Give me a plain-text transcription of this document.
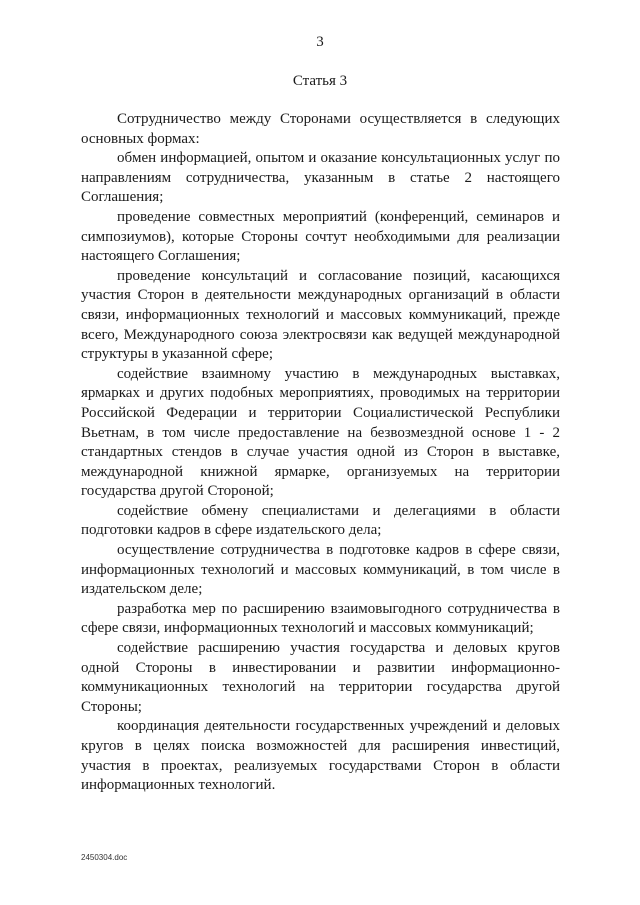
3
Статья 3

Сотрудничество между Сторонами осуществляется в следующих основных формах:

обмен информацией, опытом и оказание консультационных услуг по направлениям сотрудничества, указанным в статье 2 настоящего Соглашения;

проведение совместных мероприятий (конференций, семинаров и симпозиумов), которые Стороны сочтут необходимыми для реализации настоящего Соглашения;

проведение консультаций и согласование позиций, касающихся участия Сторон в деятельности международных организаций в области связи, информационных технологий и массовых коммуникаций, прежде всего, Международного союза электросвязи как ведущей международной структуры в указанной сфере;

содействие взаимному участию в международных выставках, ярмарках и других подобных мероприятиях, проводимых на территории Российской Федерации и территории Социалистической Республики Вьетнам, в том числе предоставление на безвозмездной основе 1 - 2 стандартных стендов в случае участия одной из Сторон в выставке, международной книжной ярмарке, организуемых на территории государства другой Стороной;

содействие обмену специалистами и делегациями в области подготовки кадров в сфере издательского дела;

осуществление сотрудничества в подготовке кадров в сфере связи, информационных технологий и массовых коммуникаций, в том числе в издательском деле;

разработка мер по расширению взаимовыгодного сотрудничества в сфере связи, информационных технологий и массовых коммуникаций;

содействие расширению участия государства и деловых кругов одной Стороны в инвестировании и развитии информационно-коммуникационных технологий на территории государства другой Стороны;

координация деятельности государственных учреждений и деловых кругов в целях поиска возможностей для расширения инвестиций, участия в проектах, реализуемых государствами Сторон в области информационных технологий.

2450304.doc
